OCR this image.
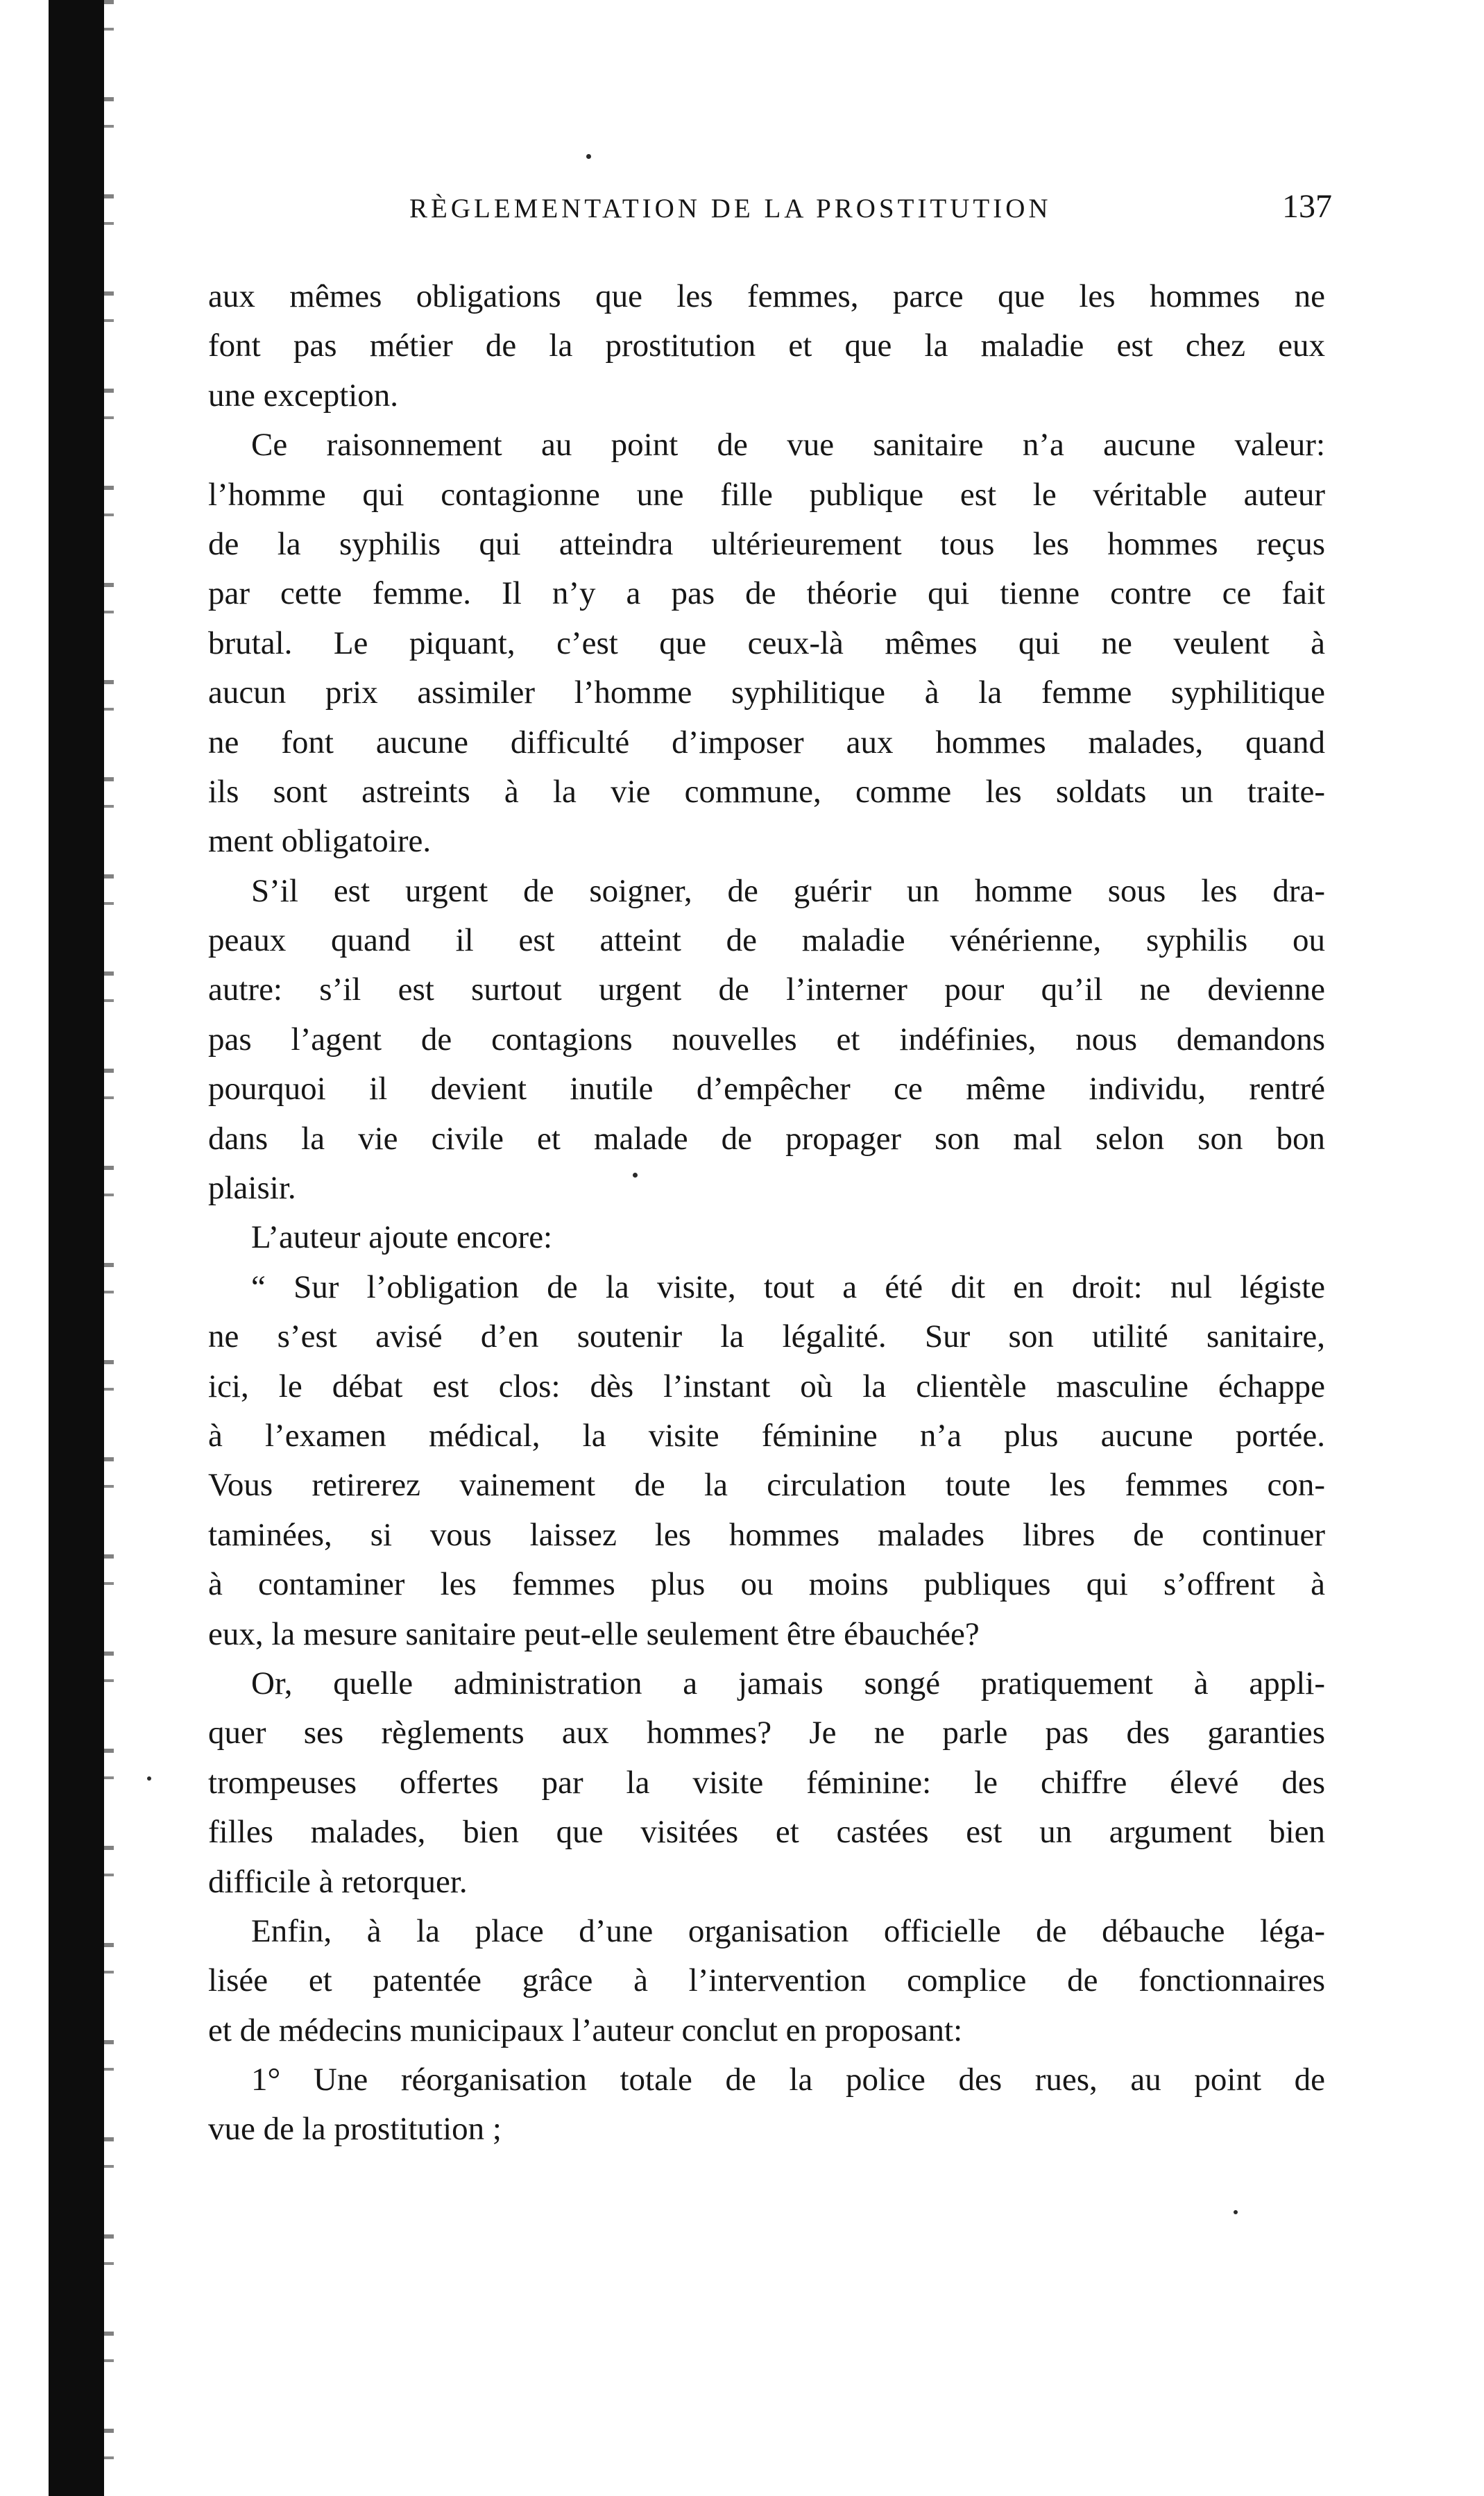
RÈGLEMENTATION DE LA PROSTITUTION	137
aux mêmes obligations que les femmes, parce que les hommes ne
font pas métier de la prostitution et que la maladie est chez eux
une exception.
Ce raisonnement au point de vue sanitaire n’a aucune valeur:
l’homme qui contagionne une fille publique est le véritable auteur
de la syphilis qui atteindra ultérieurement tous les hommes reçus
par cette femme. Il n’y a pas de théorie qui tienne contre ce fait
brutal. Le piquant, c’est que ceux-là mêmes qui ne veulent à
aucun prix assimiler l’homme syphilitique à la femme syphilitique
ne font aucune difficulté d’imposer aux hommes malades, quand
ils sont astreints à la vie commune, comme les soldats un traite-
ment obligatoire.
S’il est urgent de soigner, de guérir un homme sous les dra-
peaux quand il est atteint de maladie vénérienne, syphilis ou
autre: s’il est surtout urgent de l’interner pour qu’il ne devienne
pas l’agent de contagions nouvelles et indéfinies, nous demandons
pourquoi il devient inutile d’empêcher ce même individu, rentré
dans la vie civile et malade de propager son mal selon son bon
plaisir.
L’auteur ajoute encore:
“ Sur l’obligation de la visite, tout a été dit en droit: nul légiste
ne s’est avisé d’en soutenir la légalité. Sur son utilité sanitaire,
ici, le débat est clos: dès l’instant où la clientèle masculine échappe
à l’examen médical, la visite féminine n’a plus aucune portée.
Vous retirerez vainement de la circulation toute les femmes con-
taminées, si vous laissez les hommes malades libres de continuer
à contaminer les femmes plus ou moins publiques qui s’offrent à
eux, la mesure sanitaire peut-elle seulement être ébauchée?
Or, quelle administration a jamais songé pratiquement à appli-
quer ses règlements aux hommes? Je ne parle pas des garanties
trompeuses offertes par la visite féminine: le chiffre élevé des
filles malades, bien que visitées et castées est un argument bien
difficile à retorquer.
Enfin, à la place d’une organisation officielle de débauche léga-
lisée et patentée grâce à l’intervention complice de fonctionnaires
et de médecins municipaux l’auteur conclut en proposant:
1° Une réorganisation totale de la police des rues, au point de
vue de la prostitution ;
